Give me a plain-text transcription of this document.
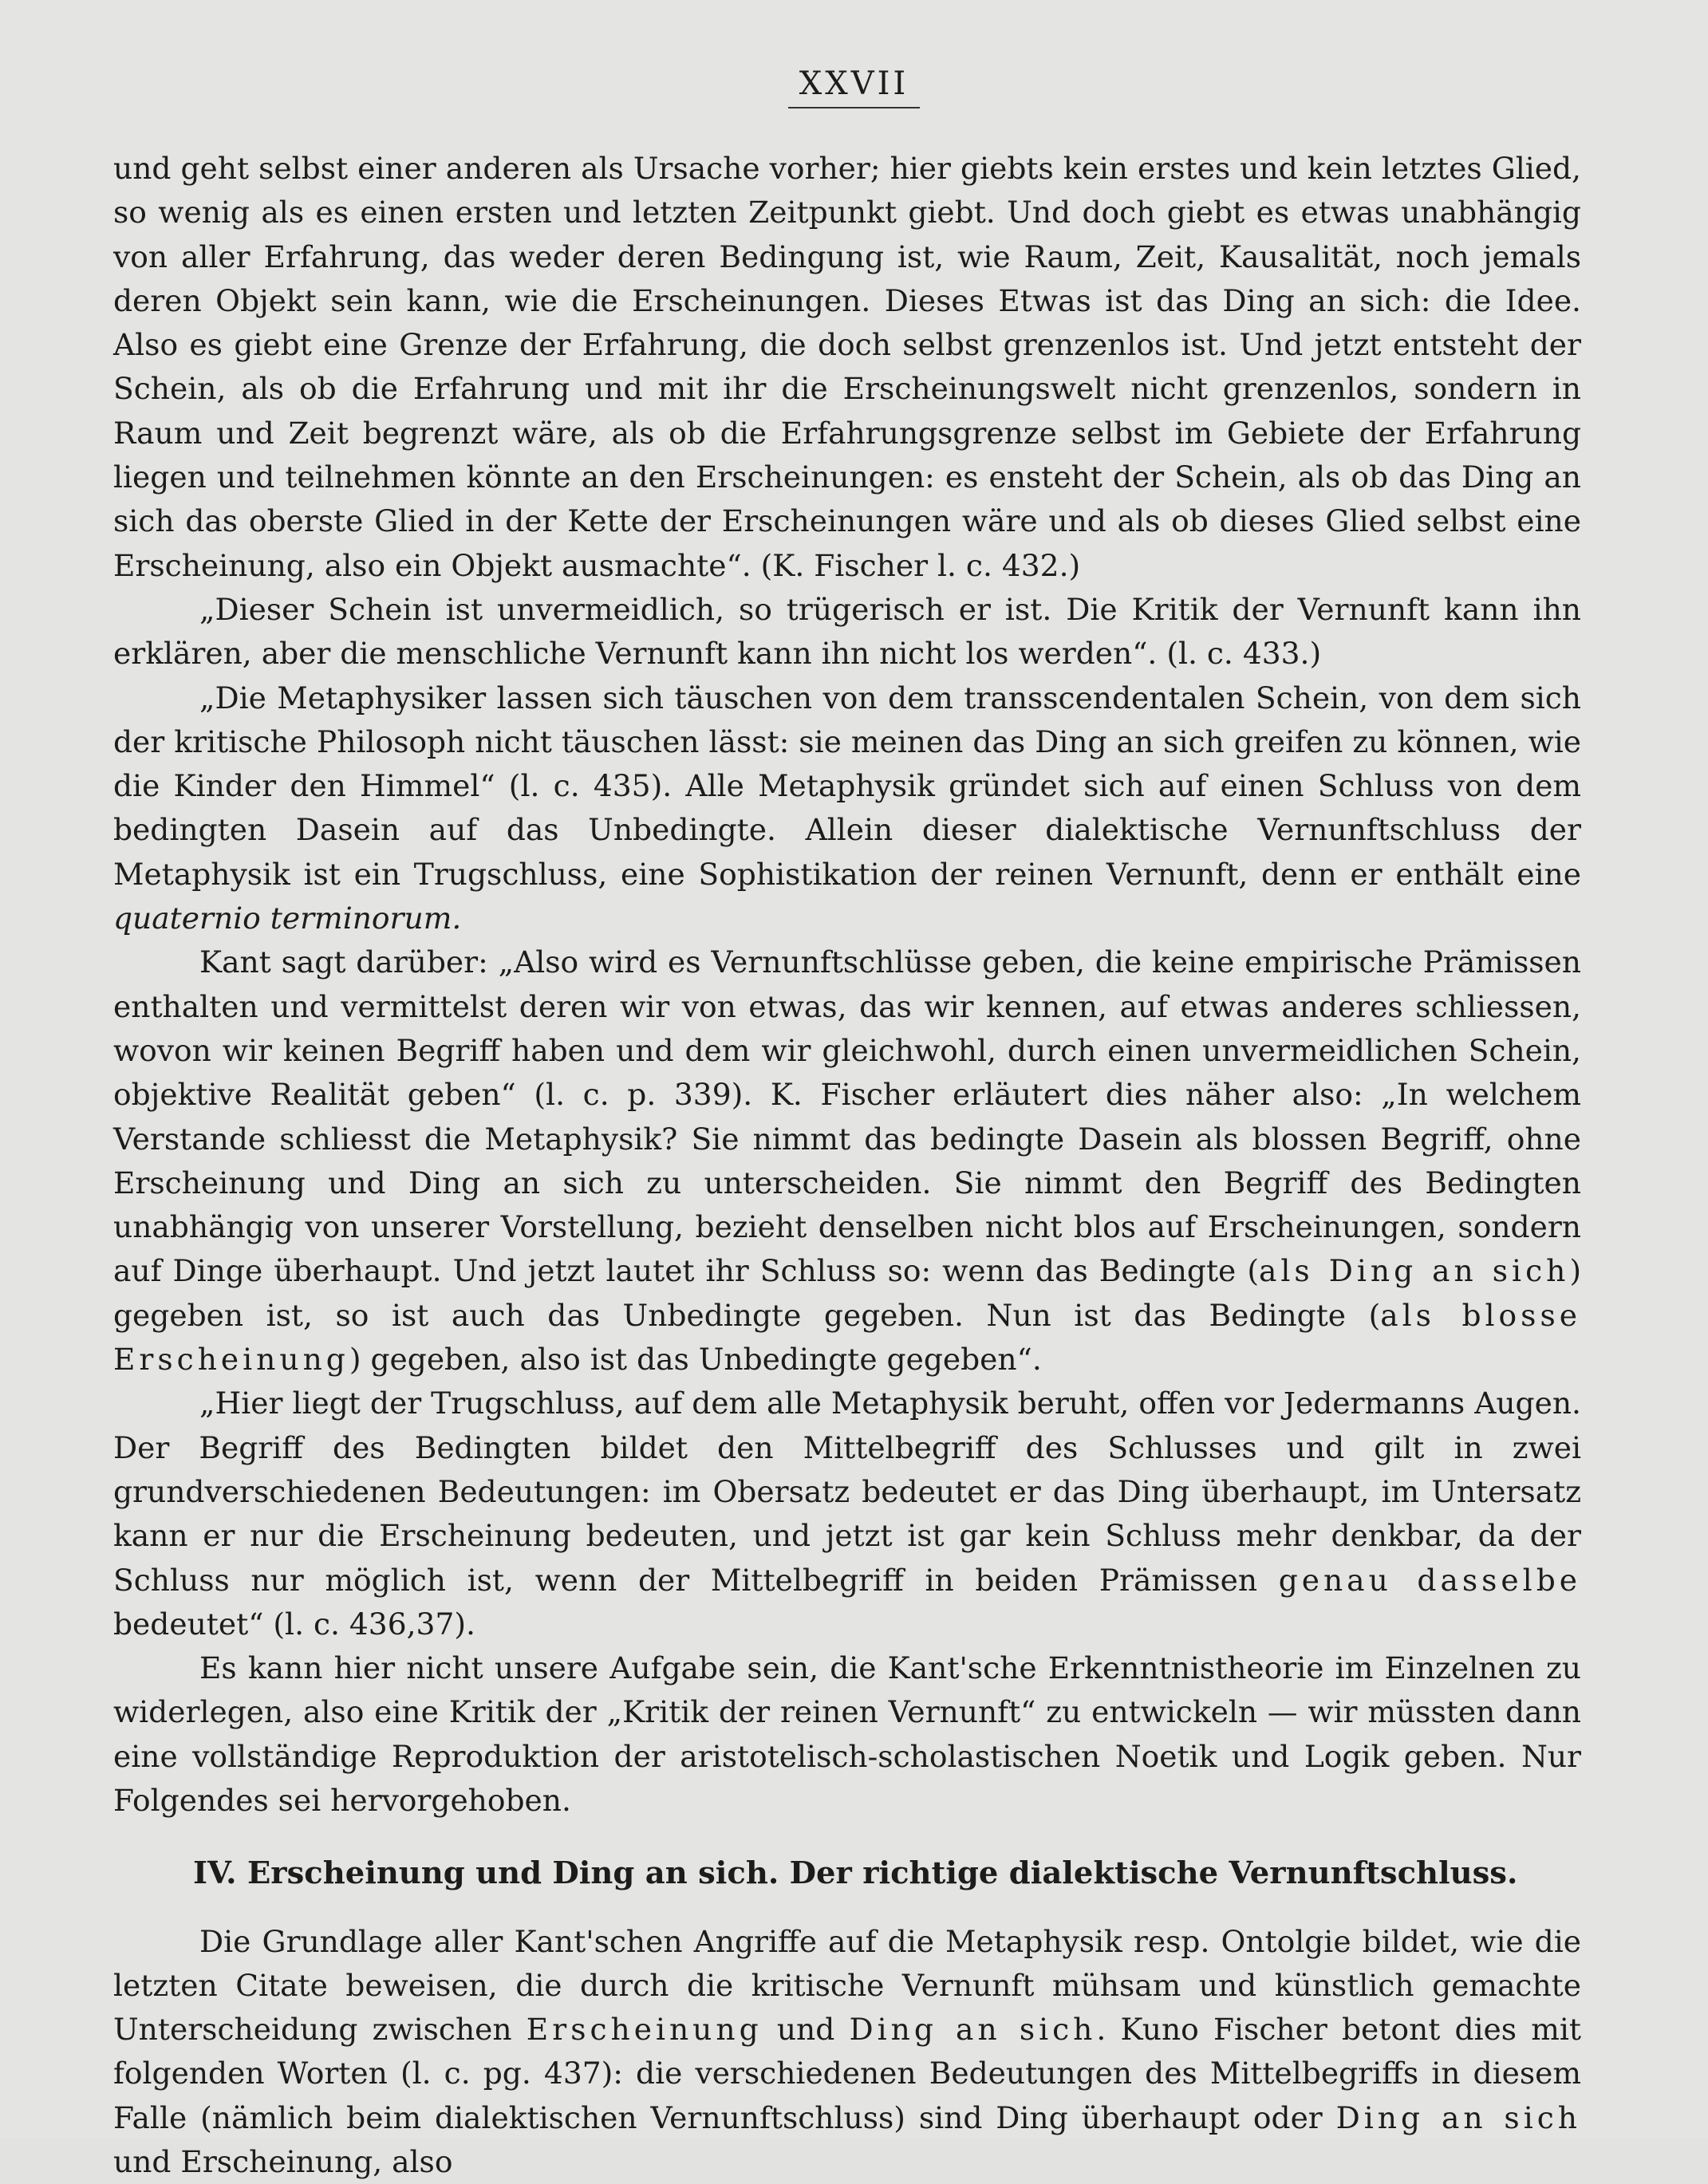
XXVII

und geht selbst einer anderen als Ursache vorher; hier giebts kein erstes und kein letztes Glied, so wenig als es einen ersten und letzten Zeitpunkt giebt. Und doch giebt es etwas unabhängig von aller Erfahrung, das weder deren Bedingung ist, wie Raum, Zeit, Kausalität, noch jemals deren Objekt sein kann, wie die Erscheinungen. Dieses Etwas ist das Ding an sich: die Idee. Also es giebt eine Grenze der Erfahrung, die doch selbst grenzenlos ist. Und jetzt entsteht der Schein, als ob die Erfahrung und mit ihr die Erscheinungswelt nicht grenzenlos, sondern in Raum und Zeit begrenzt wäre, als ob die Erfahrungsgrenze selbst im Gebiete der Erfahrung liegen und teilnehmen könnte an den Erscheinungen: es ensteht der Schein, als ob das Ding an sich das oberste Glied in der Kette der Erscheinungen wäre und als ob dieses Glied selbst eine Erscheinung, also ein Objekt ausmachte“. (K. Fischer l. c. 432.)

„Dieser Schein ist unvermeidlich, so trügerisch er ist. Die Kritik der Vernunft kann ihn erklären, aber die menschliche Vernunft kann ihn nicht los werden“. (l. c. 433.)

„Die Metaphysiker lassen sich täuschen von dem transscendentalen Schein, von dem sich der kritische Philosoph nicht täuschen lässt: sie meinen das Ding an sich greifen zu können, wie die Kinder den Himmel“ (l. c. 435). Alle Metaphysik gründet sich auf einen Schluss von dem bedingten Dasein auf das Unbedingte. Allein dieser dialektische Vernunftschluss der Metaphysik ist ein Trugschluss, eine Sophistikation der reinen Vernunft, denn er enthält eine quaternio terminorum.

Kant sagt darüber: „Also wird es Vernunftschlüsse geben, die keine empirische Prämissen enthalten und vermittelst deren wir von etwas, das wir kennen, auf etwas anderes schliessen, wovon wir keinen Begriff haben und dem wir gleichwohl, durch einen unvermeidlichen Schein, objektive Realität geben“ (l. c. p. 339). K. Fischer erläutert dies näher also: „In welchem Verstande schliesst die Metaphysik? Sie nimmt das bedingte Dasein als blossen Begriff, ohne Erscheinung und Ding an sich zu unterscheiden. Sie nimmt den Begriff des Bedingten unabhängig von unserer Vorstellung, bezieht denselben nicht blos auf Erscheinungen, sondern auf Dinge überhaupt. Und jetzt lautet ihr Schluss so: wenn das Bedingte (als Ding an sich) gegeben ist, so ist auch das Unbedingte gegeben. Nun ist das Bedingte (als blosse Erscheinung) gegeben, also ist das Unbedingte gegeben“.

„Hier liegt der Trugschluss, auf dem alle Metaphysik beruht, offen vor Jedermanns Augen. Der Begriff des Bedingten bildet den Mittelbegriff des Schlusses und gilt in zwei grundverschiedenen Bedeutungen: im Obersatz bedeutet er das Ding überhaupt, im Untersatz kann er nur die Erscheinung bedeuten, und jetzt ist gar kein Schluss mehr denkbar, da der Schluss nur möglich ist, wenn der Mittelbegriff in beiden Prämissen genau dasselbe bedeutet“ (l. c. 436,37).

Es kann hier nicht unsere Aufgabe sein, die Kant'sche Erkenntnistheorie im Einzelnen zu widerlegen, also eine Kritik der „Kritik der reinen Vernunft“ zu entwickeln — wir müssten dann eine vollständige Reproduktion der aristotelisch-scholastischen Noetik und Logik geben. Nur Folgendes sei hervorgehoben.

IV. Erscheinung und Ding an sich. Der richtige dialektische Vernunftschluss.

Die Grundlage aller Kant'schen Angriffe auf die Metaphysik resp. Ontolgie bildet, wie die letzten Citate beweisen, die durch die kritische Vernunft mühsam und künstlich gemachte Unterscheidung zwischen Erscheinung und Ding an sich. Kuno Fischer betont dies mit folgenden Worten (l. c. pg. 437): die verschiedenen Bedeutungen des Mittelbegriffs in diesem Falle (nämlich beim dialektischen Vernunftschluss) sind Ding überhaupt oder Ding an sich und Erscheinung, also
